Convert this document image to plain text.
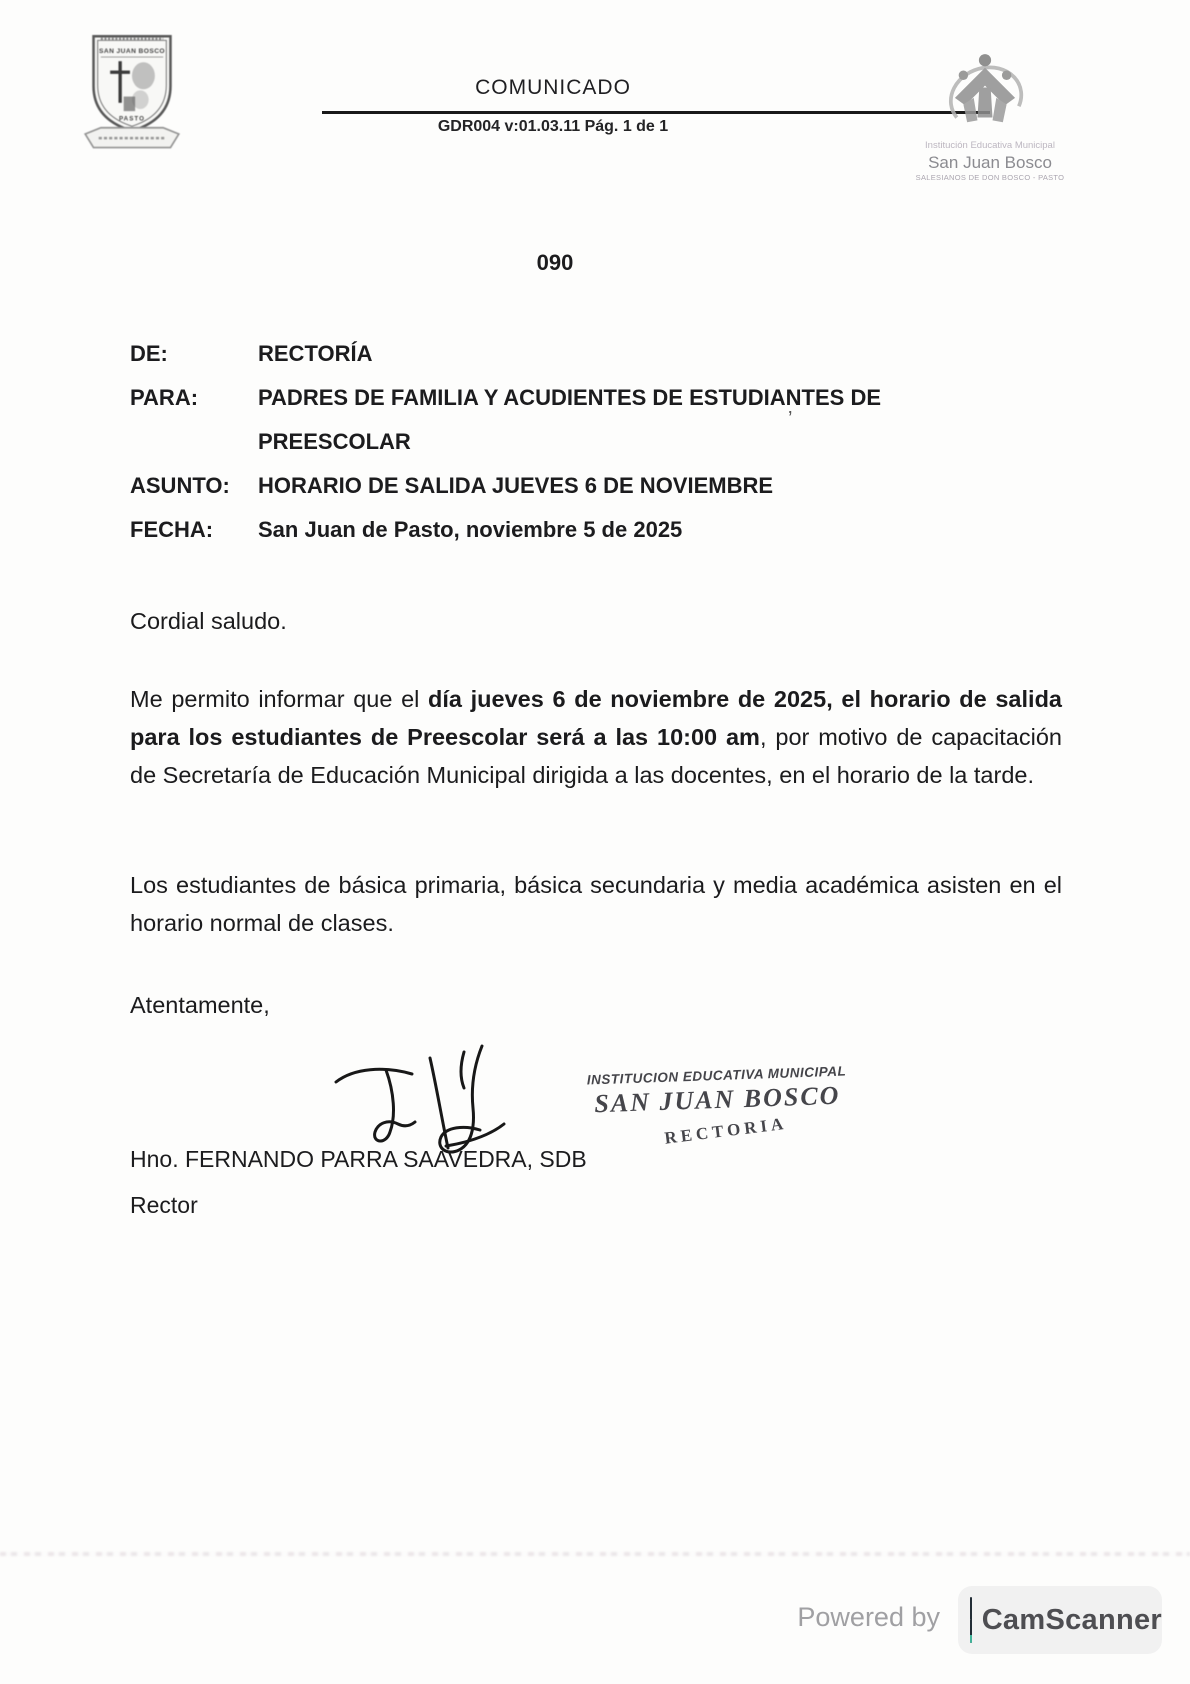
SAN JUAN BOSCO
PASTO
COMUNICADO
GDR004 v:01.03.11 Pág. 1 de 1
Institución Educativa Municipal
San Juan Bosco
SALESIANOS DE DON BOSCO - PASTO
090
DE:	RECTORÍA
PARA:	PADRES DE FAMILIA Y ACUDIENTES DE ESTUDIANTES DE PREESCOLAR
ASUNTO:	HORARIO DE SALIDA JUEVES 6 DE NOVIEMBRE
FECHA:	San Juan de Pasto, noviembre 5 de 2025
’
Cordial saludo.
Me permito informar que el día jueves 6 de noviembre de 2025, el horario de salida para los estudiantes de Preescolar será a las 10:00 am, por motivo de capacitación de Secretaría de Educación Municipal dirigida a las docentes, en el horario de la tarde.
Los estudiantes de básica primaria, básica secundaria y media académica asisten en el horario normal de clases.
Atentamente,
INSTITUCION EDUCATIVA MUNICIPAL
SAN JUAN BOSCO
RECTORIA
Hno. FERNANDO PARRA SAAVEDRA, SDB
Rector
Powered by CamScanner
